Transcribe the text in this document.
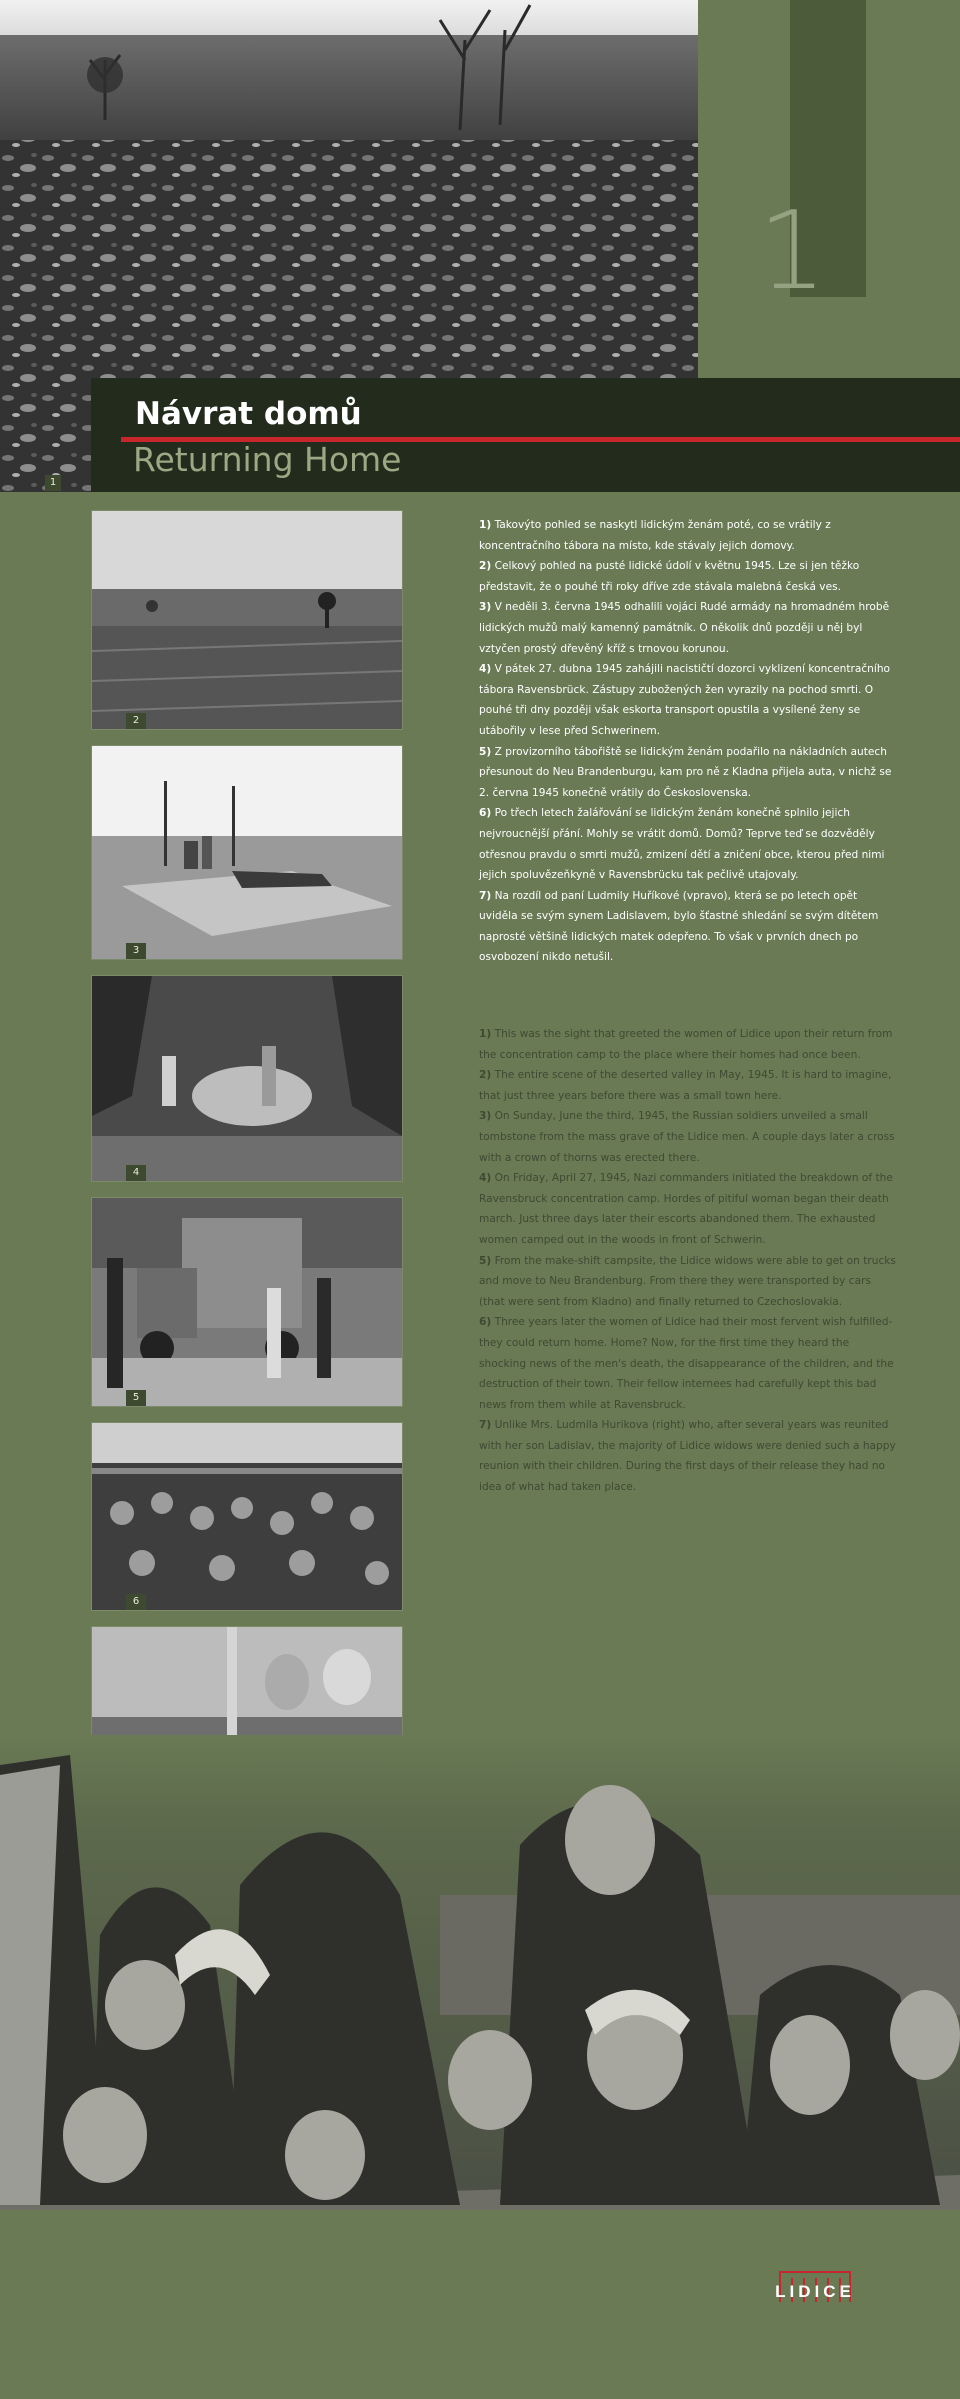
1
1
Návrat domů
Returning Home
2
3
4
5
6

1) Takovýto pohled se naskytl lidickým ženám poté, co se vrátily z koncentračního tábora na místo, kde stávaly jejich domovy.

2) Celkový pohled na pusté lidické údolí v květnu 1945. Lze si jen těžko představit, že o pouhé tři roky dříve zde stávala malebná česká ves.

3) V neděli 3. června 1945 odhalili vojáci Rudé armády na hromadném hrobě lidických mužů malý kamenný památník. O několik dnů později u něj byl vztyčen prostý dřevěný kříž s trnovou korunou.

4) V pátek 27. dubna 1945 zahájili nacističtí dozorci vyklizení koncentračního tábora Ravensbrück. Zástupy zubožených žen vyrazily na pochod smrti. O pouhé tři dny později však eskorta transport opustila a vysílené ženy se utábořily v lese před Schwerinem.

5) Z provizorního tábořiště se lidickým ženám podařilo na nákladních autech přesunout do Neu Brandenburgu, kam pro ně z Kladna přijela auta, v nichž se 2. června 1945 konečně vrátily do Československa.

6) Po třech letech žalářování se lidickým ženám konečně splnilo jejich nejvroucnější přání. Mohly se vrátit domů. Domů? Teprve teď se dozvěděly otřesnou pravdu o smrti mužů, zmizení dětí a zničení obce, kterou před nimi jejich spoluvězeňkyně v Ravensbrücku tak pečlivě utajovaly.

7) Na rozdíl od paní Ludmily Huříkové (vpravo), která se po letech opět uviděla se svým synem Ladislavem, bylo šťastné shledání se svým dítětem naprosté většině lidických matek odepřeno. To však v prvních dnech po osvobození nikdo netušil.

1) This was the sight that greeted the women of Lidice upon their return from the concentration camp to the place where their homes had once been.

2) The entire scene of the deserted valley in May, 1945. It is hard to imagine, that just three years before there was a small town here.

3) On Sunday, June the third, 1945, the Russian soldiers unveiled a small tombstone from the mass grave of the Lidice men. A couple days later a cross with a crown of thorns was erected there.

4) On Friday, April 27, 1945, Nazi commanders initiated the breakdown of the Ravensbruck concentration camp. Hordes of pitiful woman began their death march. Just three days later their escorts abandoned them. The exhausted women camped out in the woods in front of Schwerin.

5) From the make-shift campsite, the Lidice widows were able to get on trucks and move to Neu Brandenburg. From there they were transported by cars (that were sent from Kladno) and finally returned to Czechoslovakia.

6) Three years later the women of Lidice had their most fervent wish fulfilled-they could return home. Home? Now, for the first time they heard the shocking news of the men's death, the disappearance of the children, and the destruction of their town. Their fellow internees had carefully kept this bad news from them while at Ravensbruck.

7) Unlike Mrs. Ludmila Hurikova (right) who, after several years was reunited with her son Ladislav, the majority of Lidice widows were denied such a happy reunion with their children. During the first days of their release they had no idea of what had taken place.

LIDICE
